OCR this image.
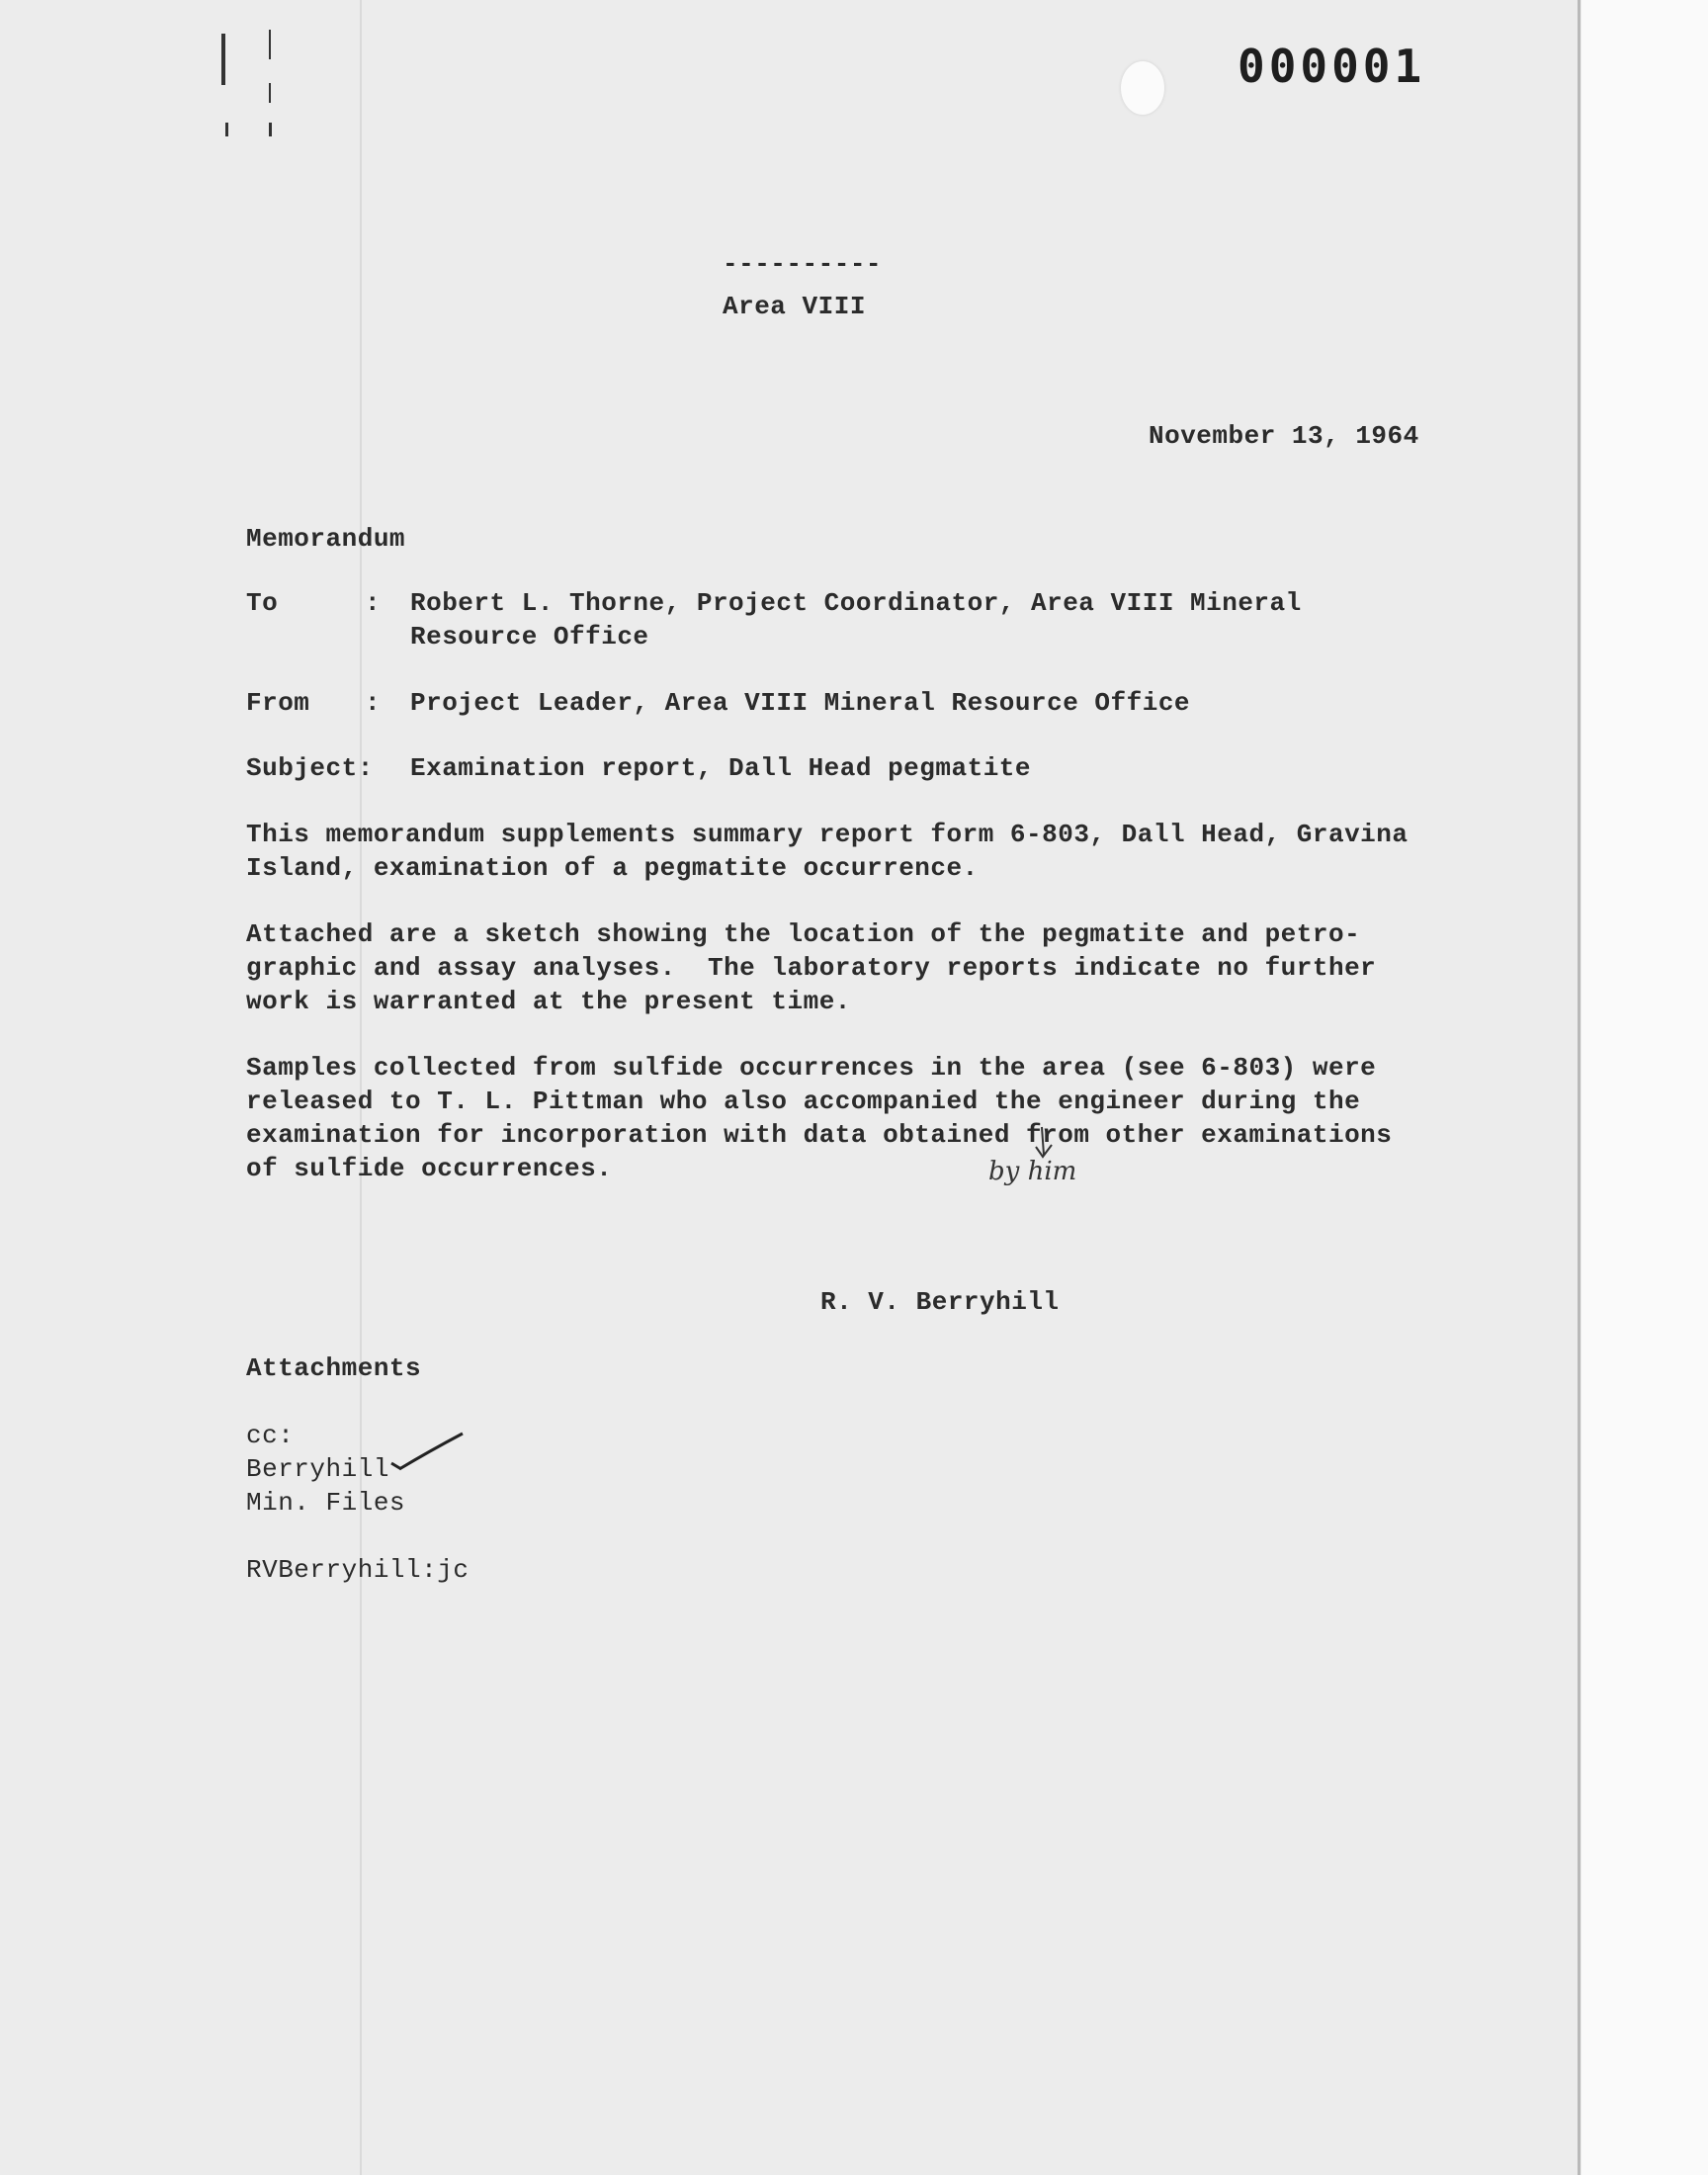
000001
----------
Area VIII
November 13, 1964
Memorandum
To	: Robert L. Thorne, Project Coordinator, Area VIII Mineral
Resource Office
From : Project Leader, Area VIII Mineral Resource Office
Subject: Examination report, Dall Head pegmatite
This memorandum supplements summary report form 6-803, Dall Head, Gravina
Island, examination of a pegmatite occurrence.
Attached are a sketch showing the location of the pegmatite and petro-
graphic and assay analyses.  The laboratory reports indicate no further
work is warranted at the present time.
Samples collected from sulfide occurrences in the area (see 6-803) were
released to T. L. Pittman who also accompanied the engineer during the
examination for incorporation with data obtained from other examinations
of sulfide occurrences.	by him
R. V. Berryhill
Attachments
cc:
Berryhill
Min. Files
RVBerryhill:jc
